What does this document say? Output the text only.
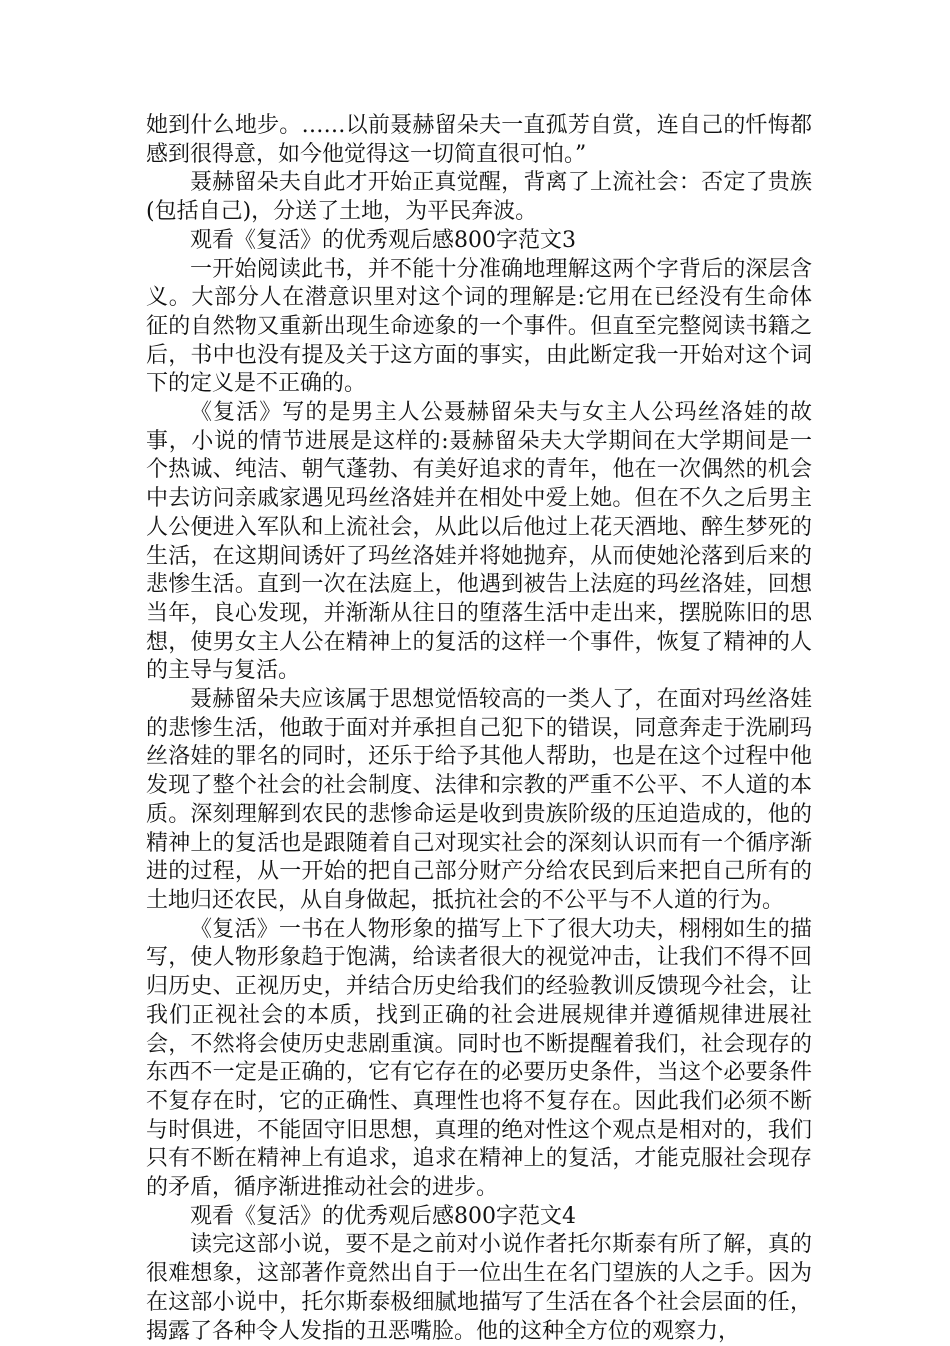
她到什么地步。……以前聂赫留朵夫一直孤芳自赏，连自己的忏悔都感到很得意，如今他觉得这一切简直很可怕。”

聂赫留朵夫自此才开始正真觉醒，背离了上流社会：否定了贵族(包括自己)，分送了土地，为平民奔波。

观看《复活》的优秀观后感800字范文3

一开始阅读此书，并不能十分准确地理解这两个字背后的深层含义。大部分人在潜意识里对这个词的理解是:它用在已经没有生命体征的自然物又重新出现生命迹象的一个事件。但直至完整阅读书籍之后，书中也没有提及关于这方面的事实，由此断定我一开始对这个词下的定义是不正确的。

《复活》写的是男主人公聂赫留朵夫与女主人公玛丝洛娃的故事，小说的情节进展是这样的:聂赫留朵夫大学期间在大学期间是一个热诚、纯洁、朝气蓬勃、有美好追求的青年，他在一次偶然的机会中去访问亲戚家遇见玛丝洛娃并在相处中爱上她。但在不久之后男主人公便进入军队和上流社会，从此以后他过上花天酒地、醉生梦死的生活，在这期间诱奸了玛丝洛娃并将她抛弃，从而使她沦落到后来的悲惨生活。直到一次在法庭上，他遇到被告上法庭的玛丝洛娃，回想当年，良心发现，并渐渐从往日的堕落生活中走出来，摆脱陈旧的思想，使男女主人公在精神上的复活的这样一个事件，恢复了精神的人的主导与复活。

聂赫留朵夫应该属于思想觉悟较高的一类人了，在面对玛丝洛娃的悲惨生活，他敢于面对并承担自己犯下的错误，同意奔走于洗刷玛丝洛娃的罪名的同时，还乐于给予其他人帮助，也是在这个过程中他发现了整个社会的社会制度、法律和宗教的严重不公平、不人道的本质。深刻理解到农民的悲惨命运是收到贵族阶级的压迫造成的，他的精神上的复活也是跟随着自己对现实社会的深刻认识而有一个循序渐进的过程，从一开始的把自己部分财产分给农民到后来把自己所有的土地归还农民，从自身做起，抵抗社会的不公平与不人道的行为。

《复活》一书在人物形象的描写上下了很大功夫，栩栩如生的描写，使人物形象趋于饱满，给读者很大的视觉冲击，让我们不得不回归历史、正视历史，并结合历史给我们的经验教训反馈现今社会，让我们正视社会的本质，找到正确的社会进展规律并遵循规律进展社会，不然将会使历史悲剧重演。同时也不断提醒着我们，社会现存的东西不一定是正确的，它有它存在的必要历史条件，当这个必要条件不复存在时，它的正确性、真理性也将不复存在。因此我们必须不断与时俱进，不能固守旧思想，真理的绝对性这个观点是相对的，我们只有不断在精神上有追求，追求在精神上的复活，才能克服社会现存的矛盾，循序渐进推动社会的进步。

观看《复活》的优秀观后感800字范文4

读完这部小说，要不是之前对小说作者托尔斯泰有所了解，真的很难想象，这部著作竟然出自于一位出生在名门望族的人之手。因为在这部小说中，托尔斯泰极细腻地描写了生活在各个社会层面的任，揭露了各种令人发指的丑恶嘴脸。他的这种全方位的观察力，
